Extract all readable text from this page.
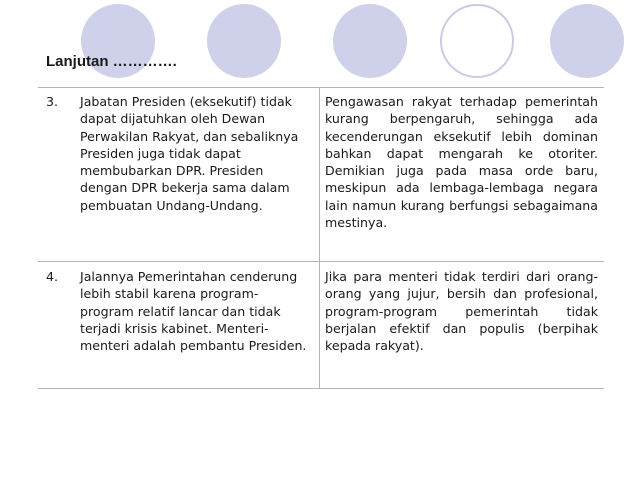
Lanjutan ………….
3.	Jabatan Presiden (eksekutif) tidak dapat dijatuhkan oleh Dewan Perwakilan Rakyat, dan sebaliknya Presiden juga tidak dapat membubarkan DPR. Presiden dengan DPR bekerja sama dalam pembuatan Undang-Undang.
Pengawasan rakyat terhadap pemerintah kurang berpengaruh, sehingga ada kecenderungan eksekutif lebih dominan bahkan dapat mengarah ke otoriter. Demikian juga pada masa orde baru, meskipun ada lembaga-lembaga negara lain namun kurang berfungsi sebagaimana mestinya.
4.	Jalannya Pemerintahan cenderung lebih stabil karena program-program relatif lancar dan tidak terjadi krisis kabinet. Menteri-menteri adalah pembantu Presiden.
Jika para menteri tidak terdiri dari orang-orang yang jujur, bersih dan profesional, program-program pemerintah tidak berjalan efektif dan populis (berpihak kepada rakyat).
